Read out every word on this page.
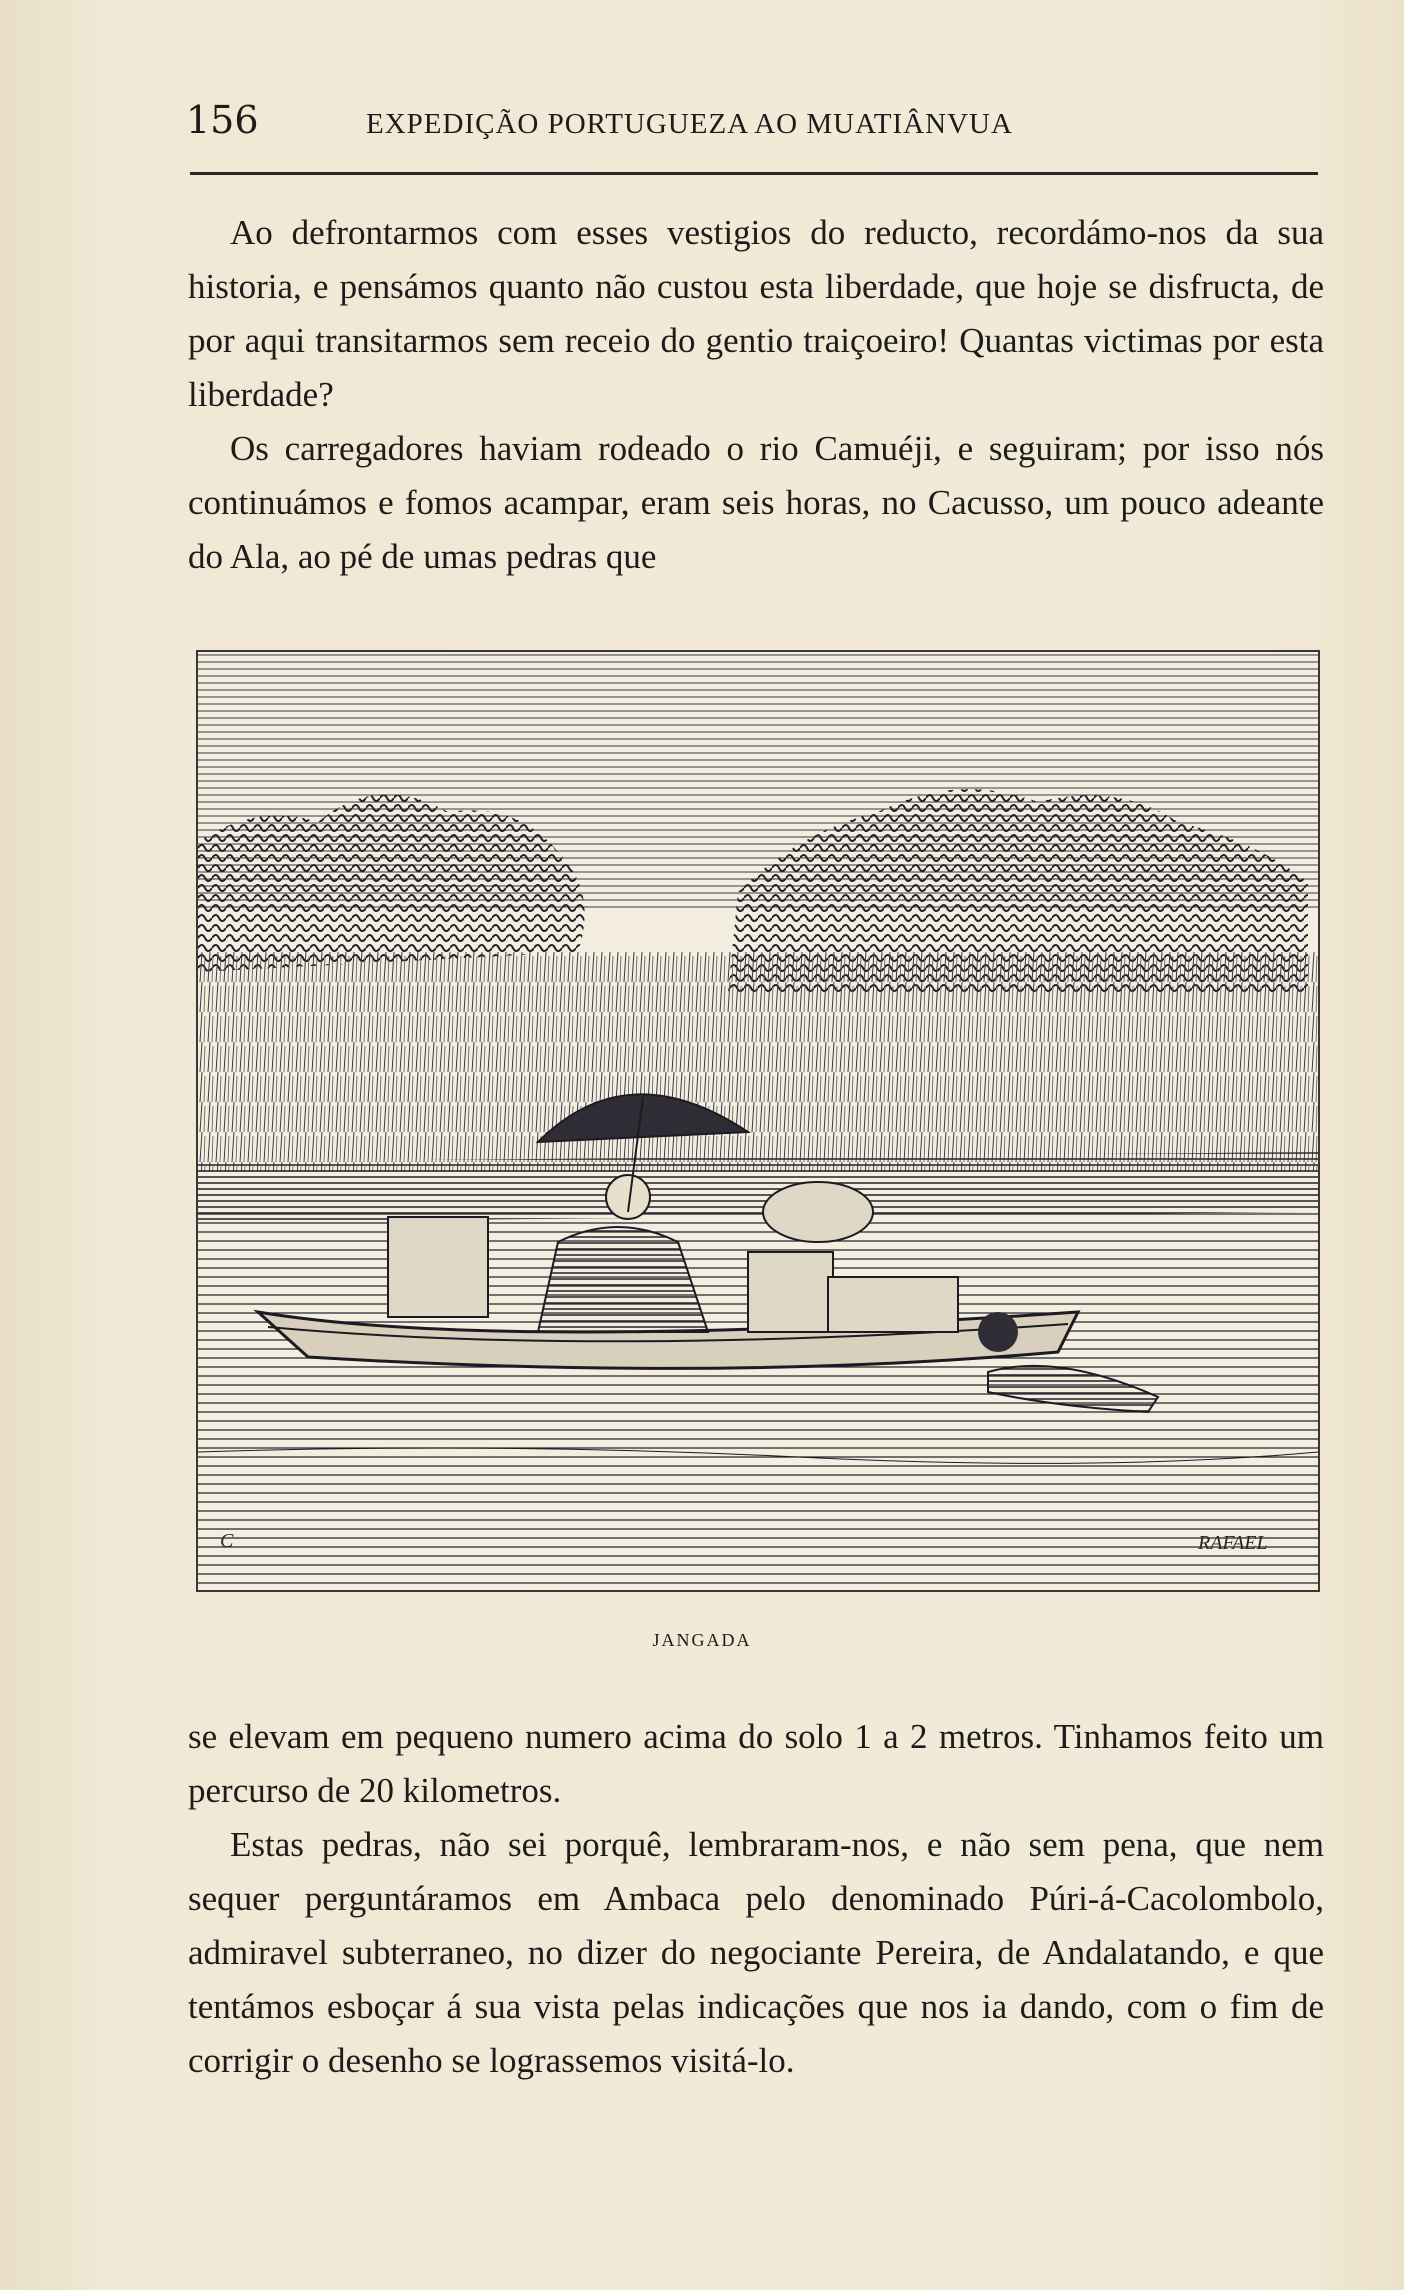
156	EXPEDIÇÃO PORTUGUEZA AO MUATIÂNVUA

Ao defrontarmos com esses vestigios do reducto, recordámo-nos da sua historia, e pensámos quanto não custou esta liberdade, que hoje se disfructa, de por aqui transitarmos sem receio do gentio traiçoeiro! Quantas victimas por esta liberdade?

Os carregadores haviam rodeado o rio Camuéji, e seguiram; por isso nós continuámos e fomos acampar, eram seis horas, no Cacusso, um pouco adeante do Ala, ao pé de umas pedras que

C	RAFAEL
JANGADA

se elevam em pequeno numero acima do solo 1 a 2 metros. Tinhamos feito um percurso de 20 kilometros.

Estas pedras, não sei porquê, lembraram-nos, e não sem pena, que nem sequer perguntáramos em Ambaca pelo denominado Púri-á-Cacolombolo, admiravel subterraneo, no dizer do negociante Pereira, de Andalatando, e que tentámos esboçar á sua vista pelas indicações que nos ia dando, com o fim de corrigir o desenho se lograssemos visitá-lo.
